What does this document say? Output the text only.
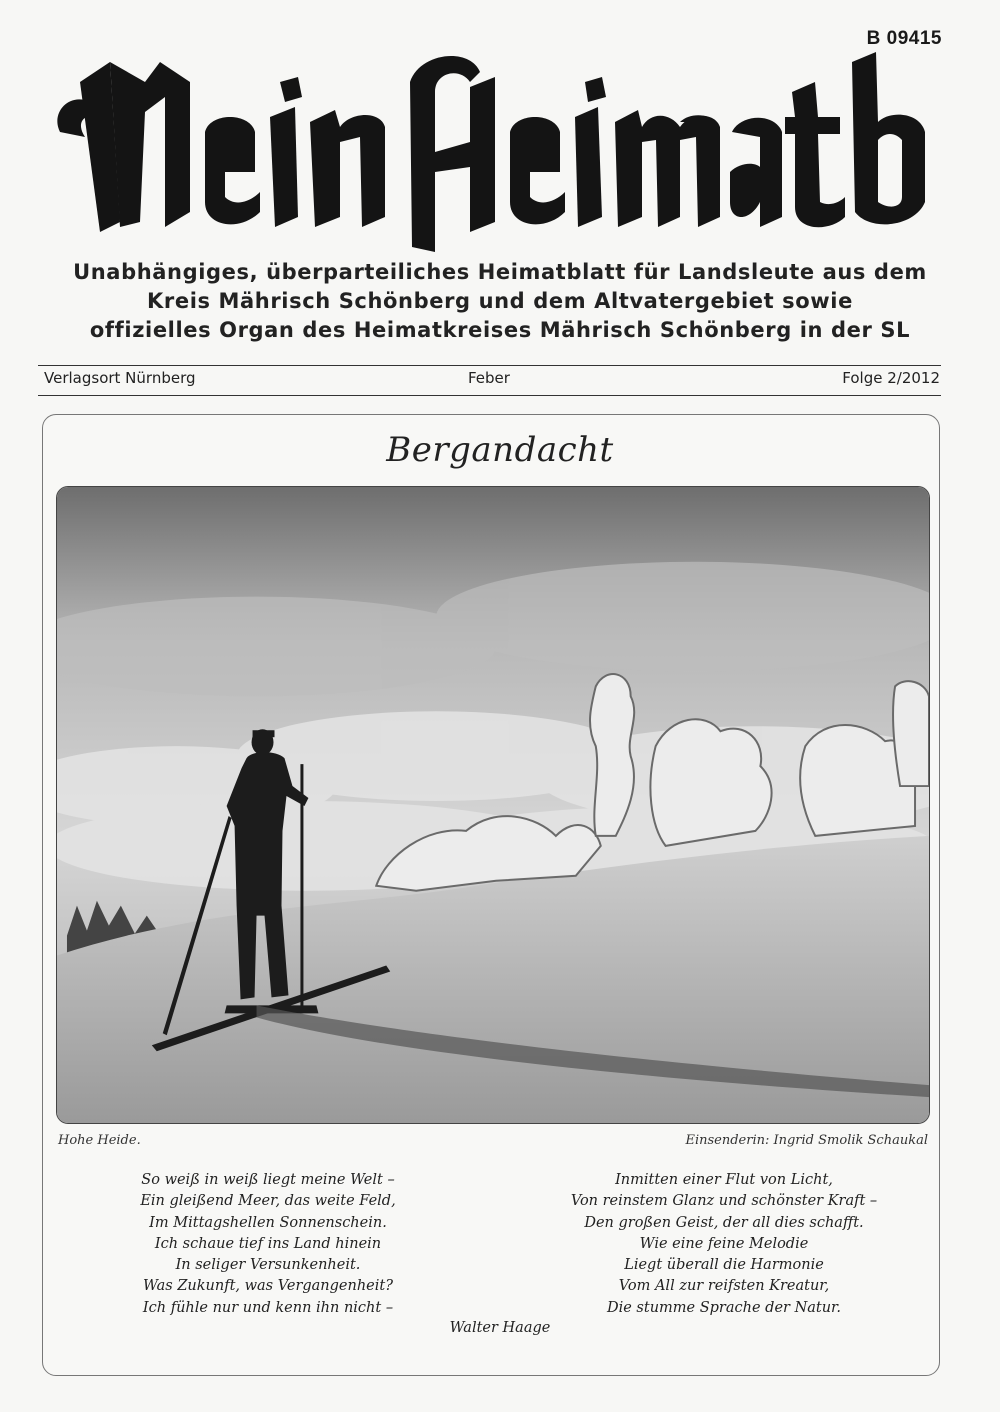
B 09415
Unabhängiges, überparteiliches Heimatblatt für Landsleute aus dem
Kreis Mährisch Schönberg und dem Altvatergebiet sowie
offizielles Organ des Heimatkreises Mährisch Schönberg in der SL
Verlagsort Nürnberg	Feber	Folge 2/2012
Bergandacht
Hohe Heide.	Einsenderin: Ingrid Smolik Schaukal
So weiß in weiß liegt meine Welt –
Ein gleißend Meer, das weite Feld,
Im Mittagshellen Sonnenschein.
Ich schaue tief ins Land hinein
In seliger Versunkenheit.
Was Zukunft, was Vergangenheit?
Ich fühle nur und kenn ihn nicht –
Inmitten einer Flut von Licht,
Von reinstem Glanz und schönster Kraft –
Den großen Geist, der all dies schafft.
Wie eine feine Melodie
Liegt überall die Harmonie
Vom All zur reifsten Kreatur,
Die stumme Sprache der Natur.
Walter Haage
